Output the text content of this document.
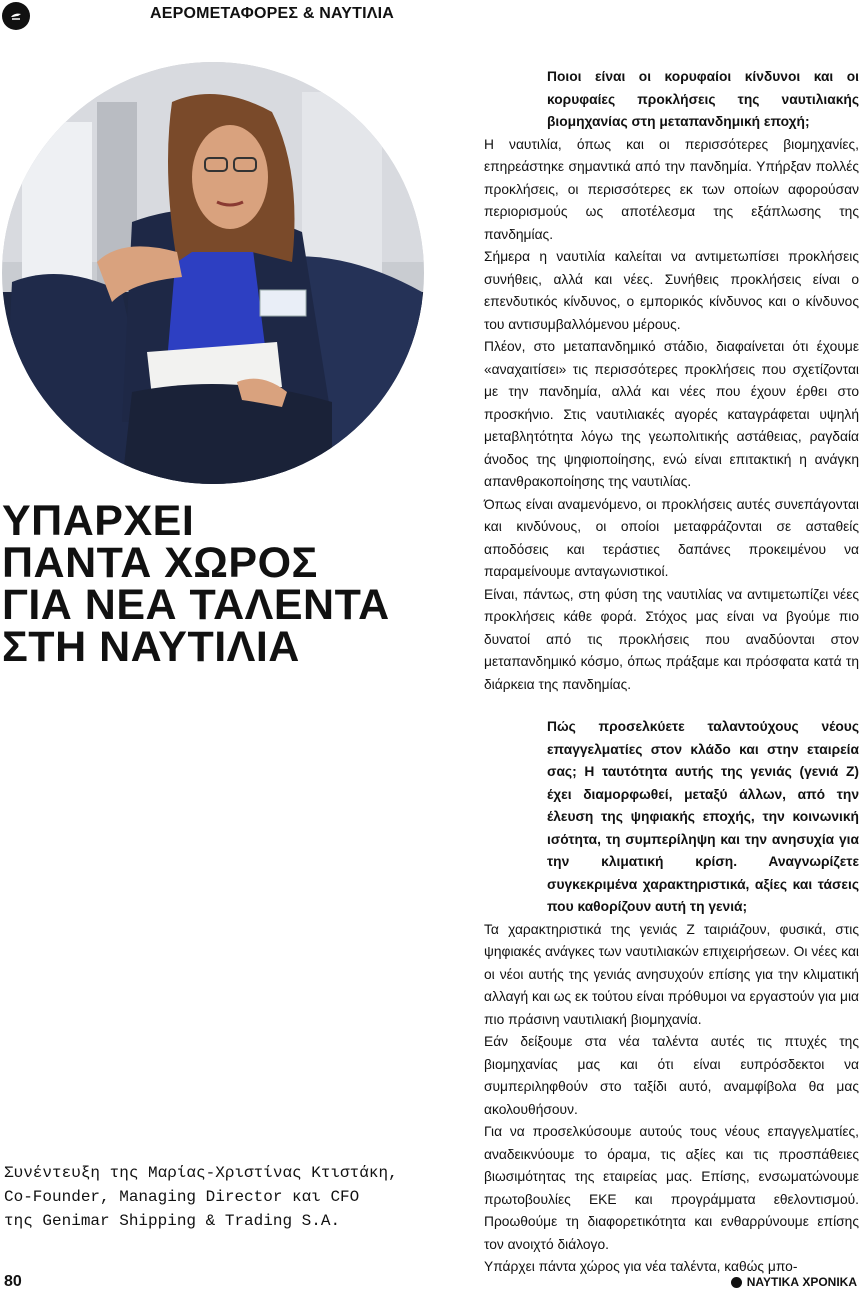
ΑΕΡΟΜΕΤΑΦΟΡΕΣ & ΝΑΥΤΙΛΙΑ
ΥΠΑΡΧΕΙ
ΠΑΝΤΑ ΧΩΡΟΣ
ΓΙΑ ΝΕΑ ΤΑΛΕΝΤΑ
ΣΤΗ ΝΑΥΤΙΛΙΑ

Συνέντευξη της Μαρίας-Χριστίνας Κτιστάκη,
Co-Founder, Managing Director και CFO
της Genimar Shipping & Trading S.A.

Ποιοι είναι οι κορυφαίοι κίνδυνοι και οι κορυφαίες προκλήσεις της ναυτιλιακής βιομηχανίας στη μεταπανδημική εποχή;

Η ναυτιλία, όπως και οι περισσότερες βιομηχανίες, επηρεάστηκε σημαντικά από την πανδημία. Υπήρξαν πολλές προκλήσεις, οι περισσότερες εκ των οποίων αφορούσαν περιορισμούς ως αποτέλεσμα της εξάπλωσης της πανδημίας.

Σήμερα η ναυτιλία καλείται να αντιμετωπίσει προκλήσεις συνήθεις, αλλά και νέες. Συνήθεις προκλήσεις είναι ο επενδυτικός κίνδυνος, ο εμπορικός κίνδυνος και ο κίνδυνος του αντισυμβαλλόμενου μέρους.

Πλέον, στο μεταπανδημικό στάδιο, διαφαίνεται ότι έχουμε «αναχαιτίσει» τις περισσότερες προκλήσεις που σχετίζονται με την πανδημία, αλλά και νέες που έχουν έρθει στο προσκήνιο. Στις ναυτιλιακές αγορές καταγράφεται υψηλή μεταβλητότητα λόγω της γεωπολιτικής αστάθειας, ραγδαία άνοδος της ψηφιοποίησης, ενώ είναι επιτακτική η ανάγκη απανθρακοποίησης της ναυτιλίας.

Όπως είναι αναμενόμενο, οι προκλήσεις αυτές συνεπάγονται και κινδύνους, οι οποίοι μεταφράζονται σε ασταθείς αποδόσεις και τεράστιες δαπάνες προκειμένου να παραμείνουμε ανταγωνιστικοί.

Είναι, πάντως, στη φύση της ναυτιλίας να αντιμετωπίζει νέες προκλήσεις κάθε φορά. Στόχος μας είναι να βγούμε πιο δυνατοί από τις προκλήσεις που αναδύονται στον μεταπανδημικό κόσμο, όπως πράξαμε και πρόσφατα κατά τη διάρκεια της πανδημίας.

Πώς προσελκύετε ταλαντούχους νέους επαγγελματίες στον κλάδο και στην εταιρεία σας; Η ταυτότητα αυτής της γενιάς (γενιά Z) έχει διαμορφωθεί, μεταξύ άλλων, από την έλευση της ψηφιακής εποχής, την κοινωνική ισότητα, τη συμπερίληψη και την ανησυχία για την κλιματική κρίση. Αναγνωρίζετε συγκεκριμένα χαρακτηριστικά, αξίες και τάσεις που καθορίζουν αυτή τη γενιά;

Τα χαρακτηριστικά της γενιάς Z ταιριάζουν, φυσικά, στις ψηφιακές ανάγκες των ναυτιλιακών επιχειρήσεων. Οι νέες και οι νέοι αυτής της γενιάς ανησυχούν επίσης για την κλιματική αλλαγή και ως εκ τούτου είναι πρόθυμοι να εργαστούν για μια πιο πράσινη ναυτιλιακή βιομηχανία.

Εάν δείξουμε στα νέα ταλέντα αυτές τις πτυχές της βιομηχανίας μας και ότι είναι ευπρόσδεκτοι να συμπεριληφθούν στο ταξίδι αυτό, αναμφίβολα θα μας ακολουθήσουν.

Για να προσελκύσουμε αυτούς τους νέους επαγγελματίες, αναδεικνύουμε το όραμα, τις αξίες και τις προσπάθειες βιωσιμότητας της εταιρείας μας. Επίσης, ενσωματώνουμε πρωτοβουλίες ΕΚΕ και προγράμματα εθελοντισμού. Προωθούμε τη διαφορετικότητα και ενθαρρύνουμε επίσης τον ανοιχτό διάλογο.

Υπάρχει πάντα χώρος για νέα ταλέντα, καθώς μπο-

80	ΝΑΥΤΙΚΑ ΧΡΟΝΙΚΑ
